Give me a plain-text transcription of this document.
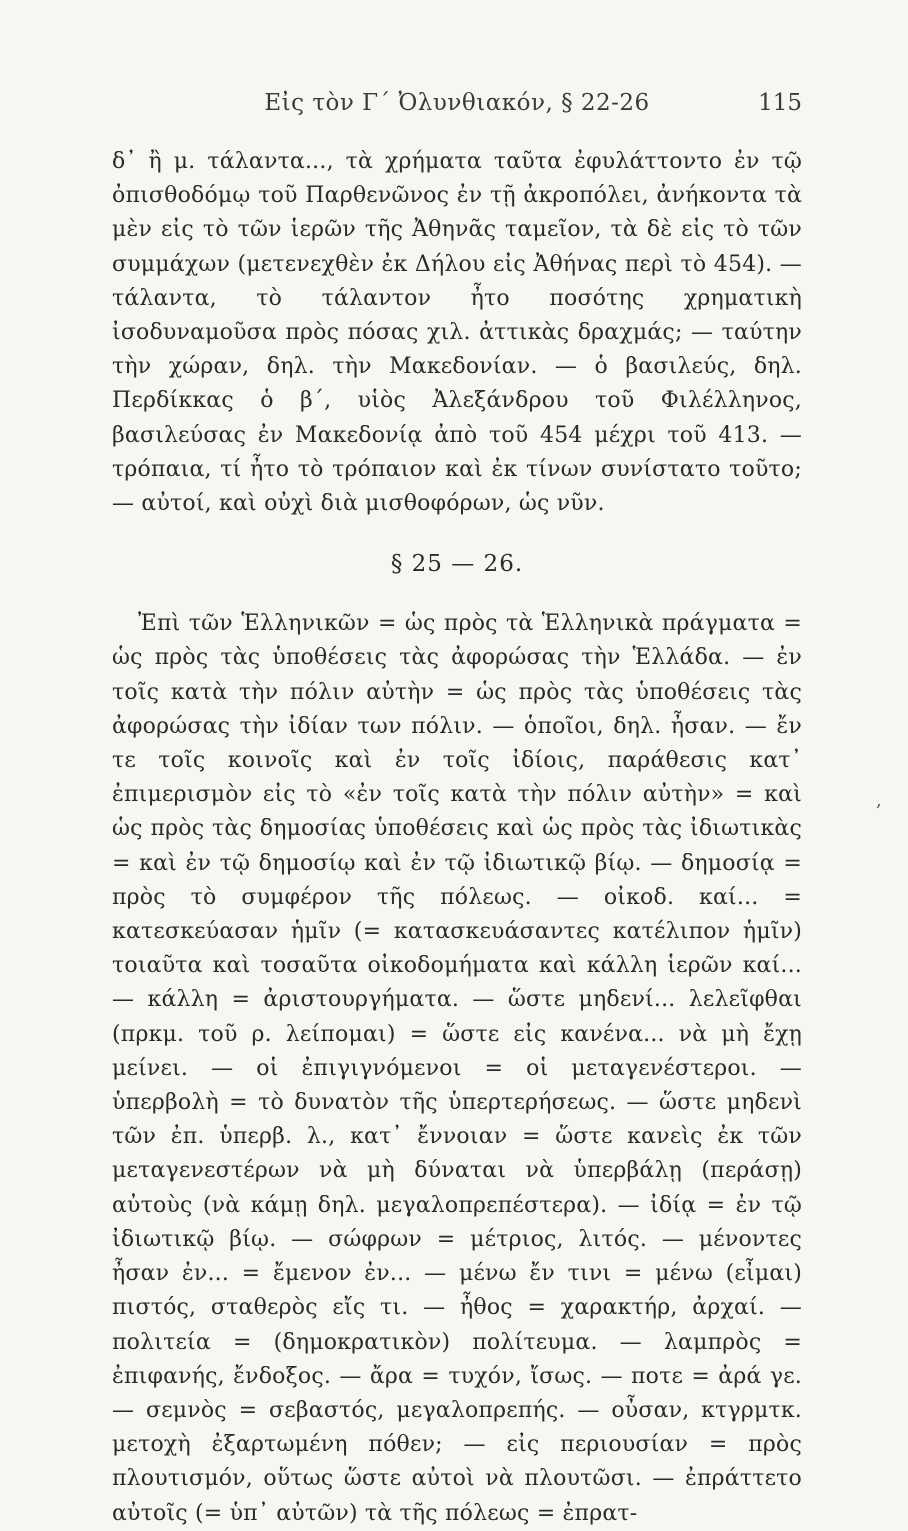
Εἰς τὸν Γ΄ Ὀλυνθιακόν, § 22-26	115

δ᾽ ἢ μ. τάλαντα..., τὰ χρήματα ταῦτα ἐφυλάττοντο ἐν τῷ ὀπισθοδόμῳ τοῦ Παρθενῶνος ἐν τῇ ἀκροπόλει, ἀνήκοντα τὰ μὲν εἰς τὸ τῶν ἱερῶν τῆς Ἀθηνᾶς ταμεῖον, τὰ δὲ εἰς τὸ τῶν συμμάχων (μετενεχθὲν ἐκ Δήλου εἰς Ἀθήνας περὶ τὸ 454). — τάλαντα, τὸ τάλαντον ἦτο ποσότης χρηματικὴ ἰσοδυναμοῦσα πρὸς πόσας χιλ. ἀττικὰς δραχμάς; — ταύτην τὴν χώραν, δηλ. τὴν Μακεδονίαν. — ὁ βασιλεύς, δηλ. Περδίκκας ὁ β΄, υἱὸς Ἀλεξάνδρου τοῦ Φιλέλληνος, βασιλεύσας ἐν Μακεδονίᾳ ἀπὸ τοῦ 454 μέχρι τοῦ 413. — τρόπαια, τί ἦτο τὸ τρόπαιον καὶ ἐκ τίνων συνίστατο τοῦτο; — αὐτοί, καὶ οὐχὶ διὰ μισθοφόρων, ὡς νῦν.

§ 25 — 26.

Ἐπὶ τῶν Ἑλληνικῶν = ὡς πρὸς τὰ Ἑλληνικὰ πράγματα = ὡς πρὸς τὰς ὑποθέσεις τὰς ἀφορώσας τὴν Ἑλλάδα. — ἐν τοῖς κατὰ τὴν πόλιν αὐτὴν = ὡς πρὸς τὰς ὑποθέσεις τὰς ἀφορώσας τὴν ἰδίαν των πόλιν. — ὁποῖοι, δηλ. ἦσαν. — ἔν τε τοῖς κοινοῖς καὶ ἐν τοῖς ἰδίοις, παράθεσις κατ᾽ ἐπιμερισμὸν εἰς τὸ «ἐν τοῖς κατὰ τὴν πόλιν αὐτὴν» = καὶ ὡς πρὸς τὰς δημοσίας ὑποθέσεις καὶ ὡς πρὸς τὰς ἰδιωτικὰς = καὶ ἐν τῷ δημοσίῳ καὶ ἐν τῷ ἰδιωτικῷ βίῳ. — δημοσίᾳ = πρὸς τὸ συμφέρον τῆς πόλεως. — οἰκοδ. καί... = κατεσκεύασαν ἡμῖν (= κατασκευάσαντες κατέλιπον ἡμῖν) τοιαῦτα καὶ τοσαῦτα οἰκοδομήματα καὶ κάλλη ἱερῶν καί... — κάλλη = ἀριστουργήματα. — ὥστε μηδενί... λελεῖφθαι (πρκμ. τοῦ ρ. λείπομαι) = ὥστε εἰς κανένα... νὰ μὴ ἔχῃ μείνει. — οἱ ἐπιγιγνόμενοι = οἱ μεταγενέστεροι. — ὑπερβολὴ = τὸ δυνατὸν τῆς ὑπερτερήσεως. — ὥστε μηδενὶ τῶν ἐπ. ὑπερβ. λ., κατ᾽ ἔννοιαν = ὥστε κανεὶς ἐκ τῶν μεταγενεστέρων νὰ μὴ δύναται νὰ ὑπερβάλῃ (περάσῃ) αὐτοὺς (νὰ κάμῃ δηλ. μεγαλοπρεπέστερα). — ἰδίᾳ = ἐν τῷ ἰδιωτικῷ βίῳ. — σώφρων = μέτριος, λιτός. — μένοντες ἦσαν ἐν... = ἔμενον ἐν... — μένω ἔν τινι = μένω (εἶμαι) πιστός, σταθερὸς εἴς τι. — ἦθος = χαρακτήρ, ἀρχαί. — πολιτεία = (δημοκρατικὸν) πολίτευμα. — λαμπρὸς = ἐπιφανής, ἔνδοξος. — ἄρα = τυχόν, ἴσως. — ποτε = ἀρά γε. — σεμνὸς = σεβαστός, μεγαλοπρεπής. — οὖσαν, κτγρμτκ. μετοχὴ ἐξαρτωμένη πόθεν; — εἰς περιουσίαν = πρὸς πλουτισμόν, οὕτως ὥστε αὐτοὶ νὰ πλουτῶσι. — ἐπράττετο αὐτοῖς (= ὑπ᾽ αὐτῶν) τὰ τῆς πόλεως = ἐπρατ-

,
